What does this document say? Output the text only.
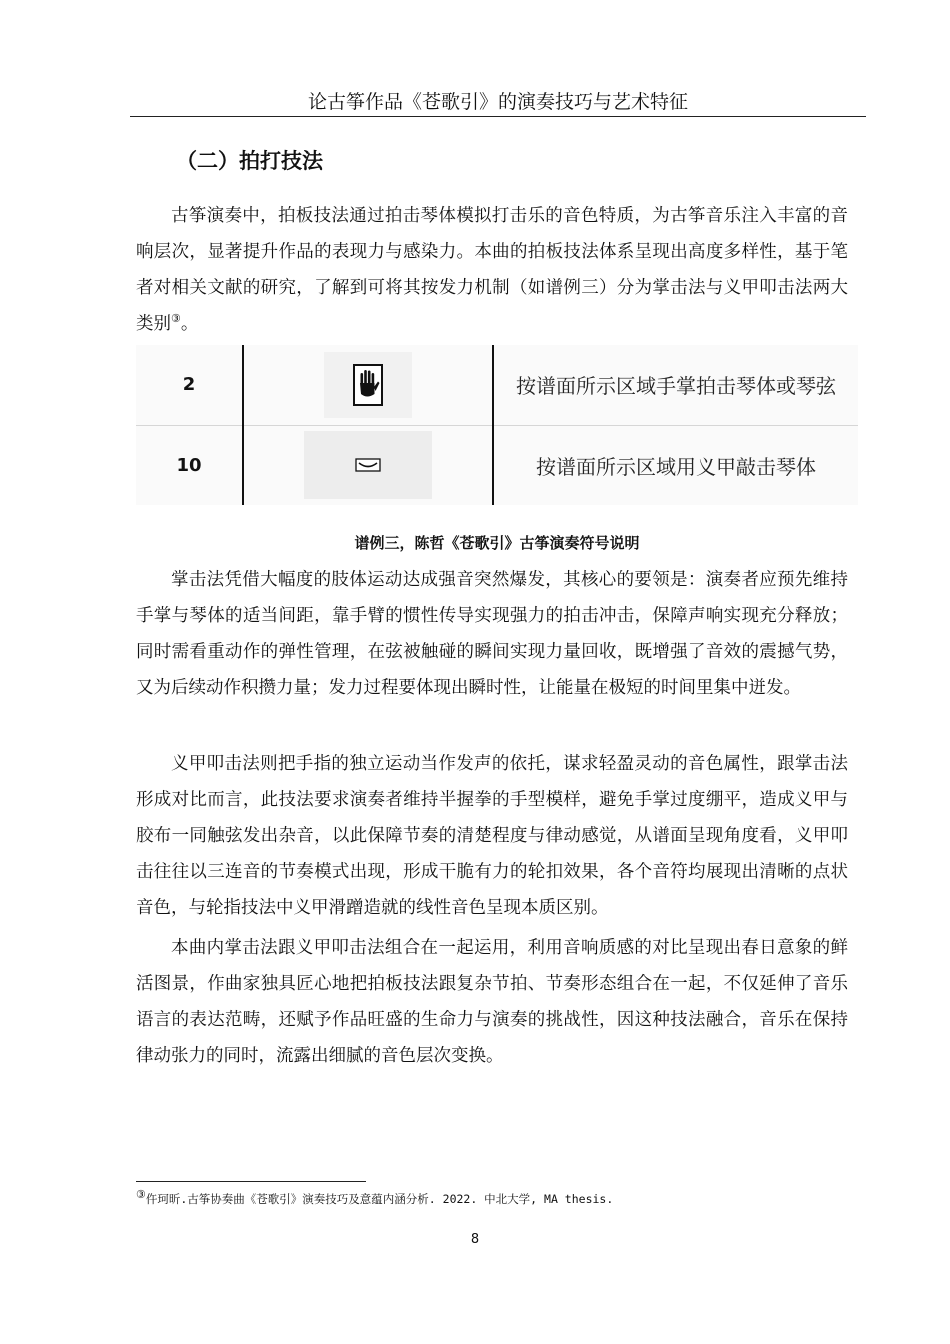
论古筝作品《苍歌引》的演奏技巧与艺术特征
（二）拍打技法

古筝演奏中，拍板技法通过拍击琴体模拟打击乐的音色特质，为古筝音乐注入丰富的音响层次，显著提升作品的表现力与感染力。本曲的拍板技法体系呈现出高度多样性，基于笔者对相关文献的研究，了解到可将其按发力机制（如谱例三）分为掌击法与义甲叩击法两大类别③。

2		按谱面所示区域手掌拍击琴体或琴弦
10		按谱面所示区域用义甲敲击琴体
谱例三，陈哲《苍歌引》古筝演奏符号说明

掌击法凭借大幅度的肢体运动达成强音突然爆发，其核心的要领是：演奏者应预先维持手掌与琴体的适当间距，靠手臂的惯性传导实现强力的拍击冲击，保障声响实现充分释放；同时需看重动作的弹性管理，在弦被触碰的瞬间实现力量回收，既增强了音效的震撼气势，又为后续动作积攒力量；发力过程要体现出瞬时性，让能量在极短的时间里集中迸发。

义甲叩击法则把手指的独立运动当作发声的依托，谋求轻盈灵动的音色属性，跟掌击法形成对比而言，此技法要求演奏者维持半握拳的手型模样，避免手掌过度绷平，造成义甲与胶布一同触弦发出杂音，以此保障节奏的清楚程度与律动感觉，从谱面呈现角度看，义甲叩击往往以三连音的节奏模式出现，形成干脆有力的轮扣效果，各个音符均展现出清晰的点状音色，与轮指技法中义甲滑蹭造就的线性音色呈现本质区别。

本曲内掌击法跟义甲叩击法组合在一起运用，利用音响质感的对比呈现出春日意象的鲜活图景，作曲家独具匠心地把拍板技法跟复杂节拍、节奏形态组合在一起，不仅延伸了音乐语言的表达范畴，还赋予作品旺盛的生命力与演奏的挑战性，因这种技法融合，音乐在保持律动张力的同时，流露出细腻的音色层次变换。

③仵珂昕.古筝协奏曲《苍歌引》演奏技巧及意蕴内涵分析. 2022. 中北大学, MA thesis.
8
